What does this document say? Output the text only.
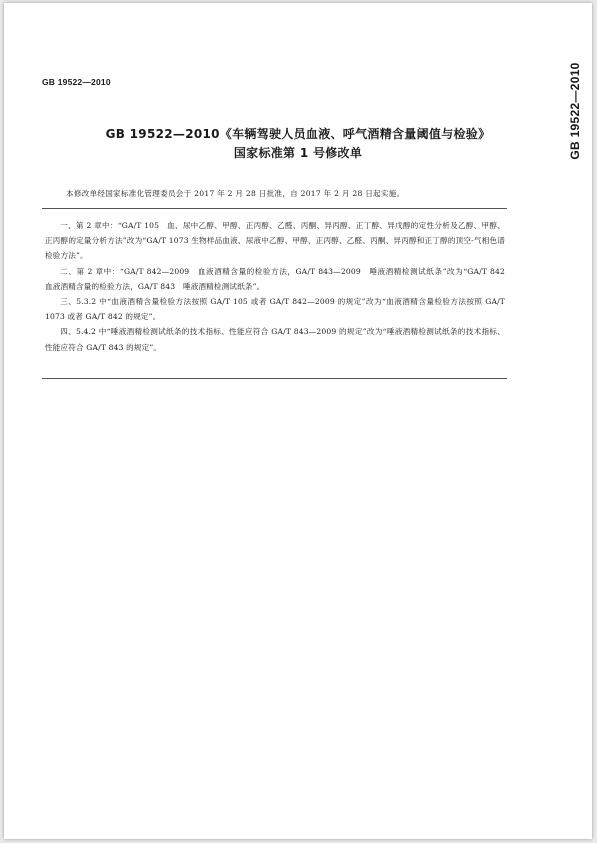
GB 19522—2010	GB 19522—2010
GB 19522—2010《车辆驾驶人员血液、呼气酒精含量阈值与检验》
国家标准第 1 号修改单
本修改单经国家标准化管理委员会于 2017 年 2 月 28 日批准，自 2017 年 2 月 28 日起实施。

一、第 2 章中：“GA/T 105　血、尿中乙醇、甲醇、正丙醇、乙醛、丙酮、异丙醇、正丁醇、异戊醇的定性分析及乙醇、甲醇、正丙醇的定量分析方法”改为“GA/T 1073 生物样品血液、尿液中乙醇、甲醇、正丙醇、乙醛、丙酮、异丙醇和正丁醇的顶空-气相色谱检验方法”。

二、第 2 章中：“GA/T 842—2009　血液酒精含量的检验方法，GA/T 843—2009　唾液酒精检测试纸条”改为“GA/T 842　血液酒精含量的检验方法，GA/T 843　唾液酒精检测试纸条”。

三、5.3.2 中“血液酒精含量检验方法按照 GA/T 105 或者 GA/T 842—2009 的规定”改为“血液酒精含量检验方法按照 GA/T 1073 或者 GA/T 842 的规定”。

四、5.4.2 中“唾液酒精检测试纸条的技术指标、性能应符合 GA/T 843—2009 的规定”改为“唾液酒精检测试纸条的技术指标、性能应符合 GA/T 843 的规定”。
